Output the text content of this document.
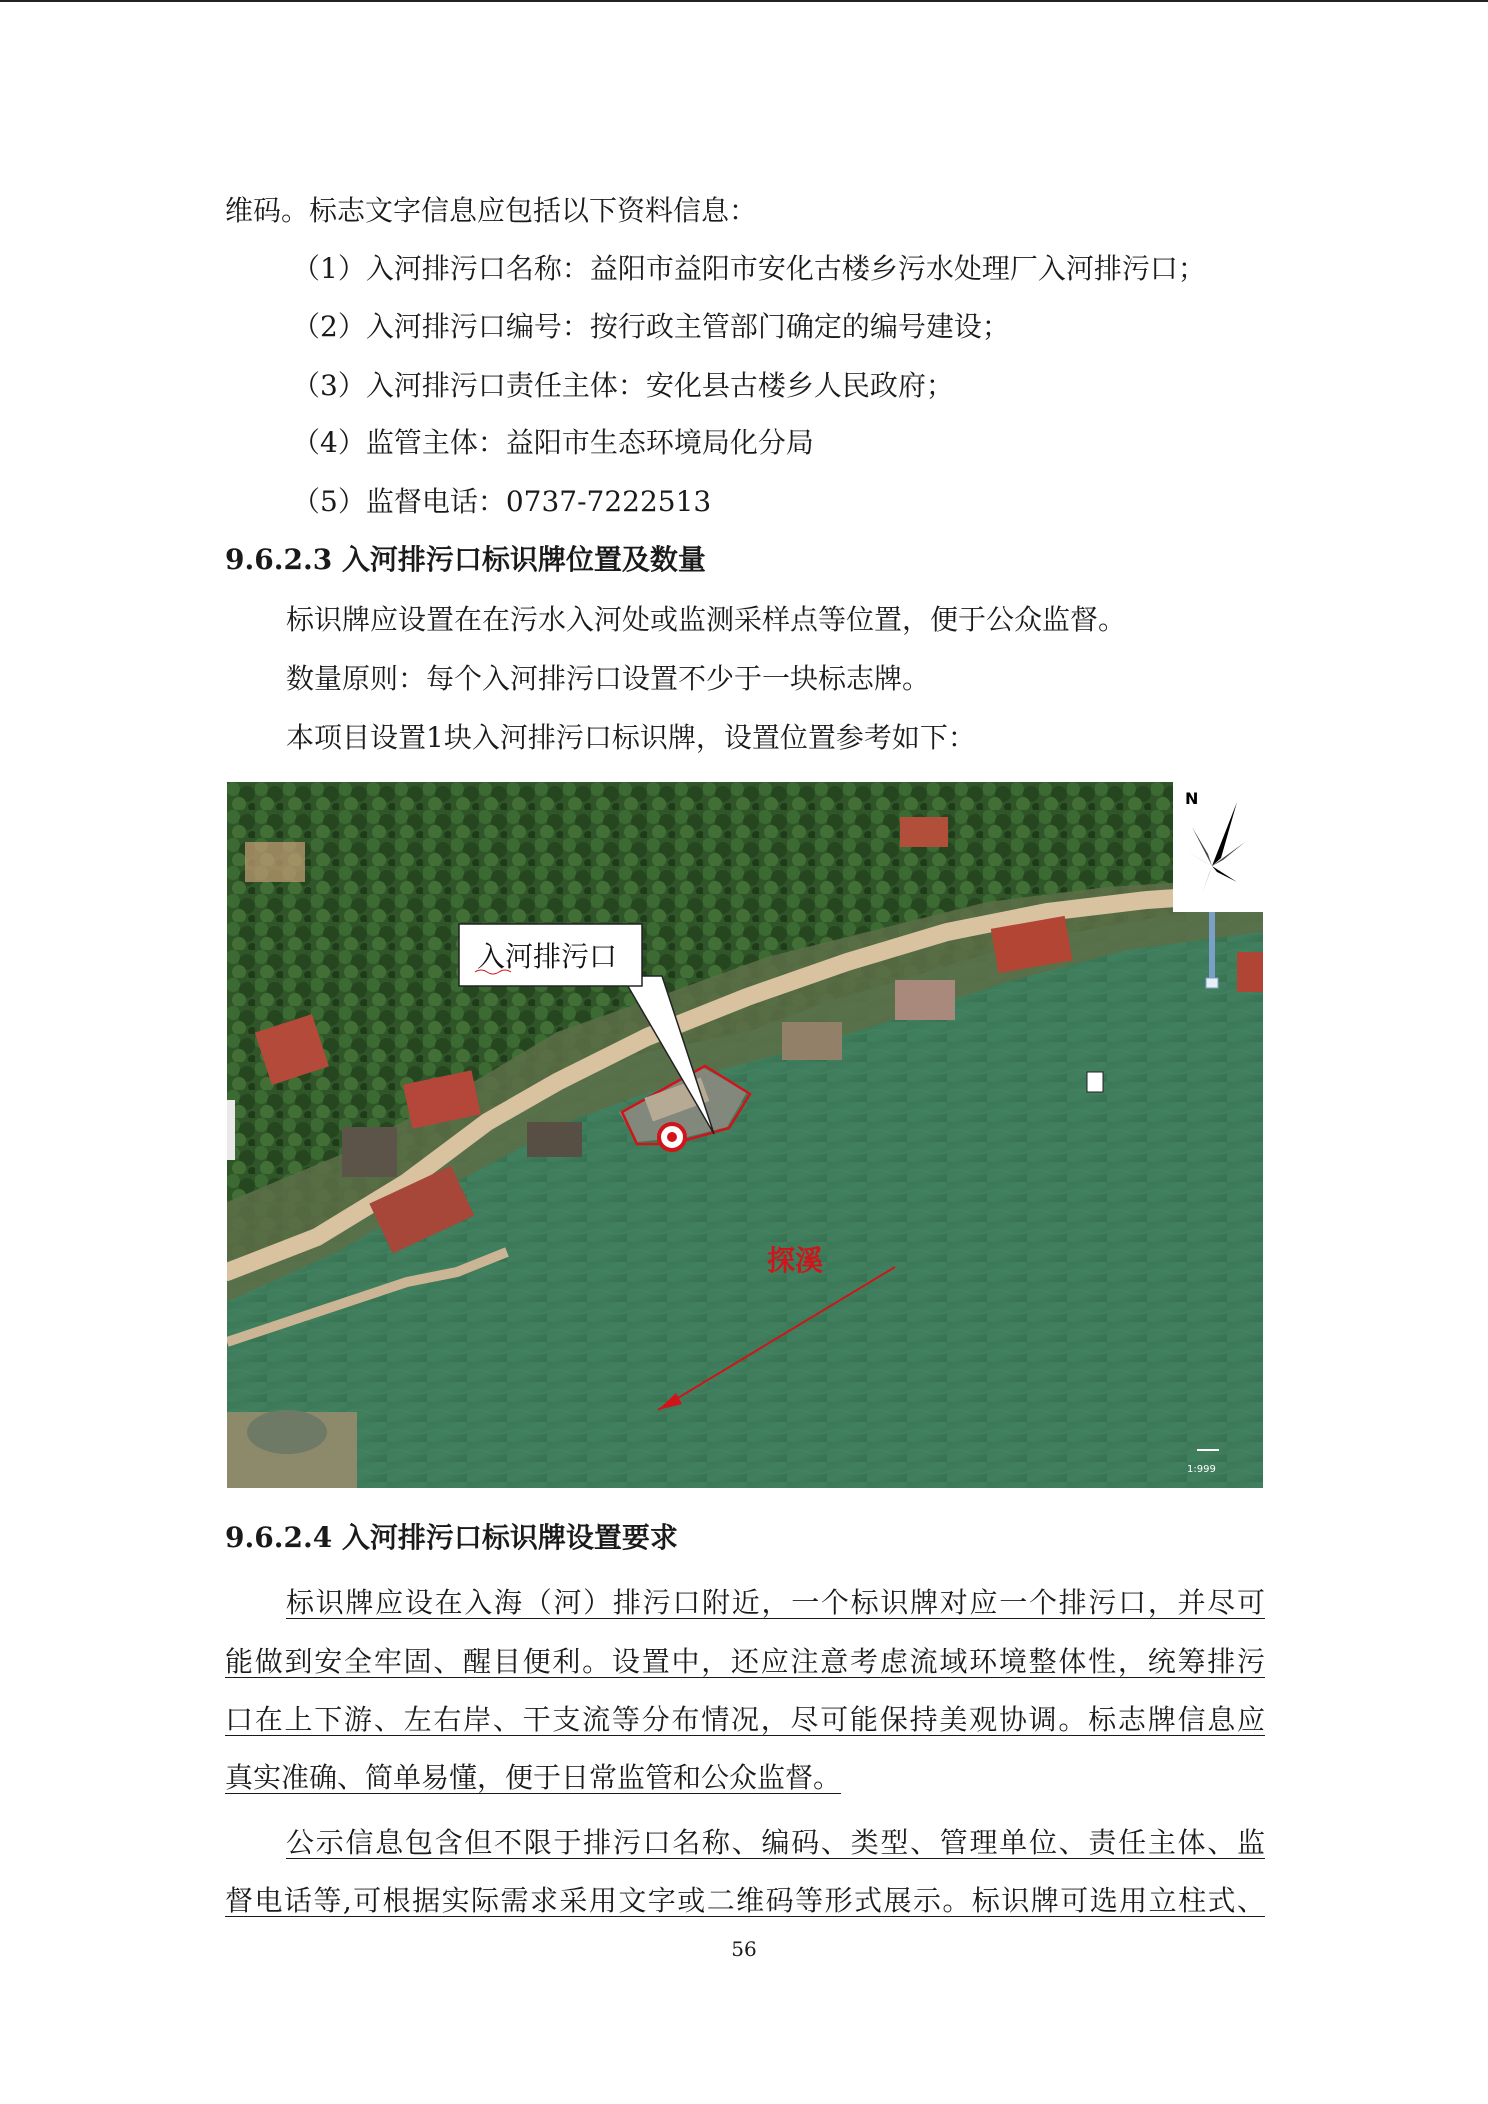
维码。标志文字信息应包括以下资料信息：

（1）入河排污口名称：益阳市益阳市安化古楼乡污水处理厂入河排污口；

（2）入河排污口编号：按行政主管部门确定的编号建设；

（3）入河排污口责任主体：安化县古楼乡人民政府；

（4）监管主体：益阳市生态环境局化分局

（5）监督电话：0737-7222513

9.6.2.3 入河排污口标识牌位置及数量

标识牌应设置在在污水入河处或监测采样点等位置，便于公众监督。

数量原则：每个入河排污口设置不少于一块标志牌。

本项目设置1块入河排污口标识牌，设置位置参考如下：

探溪
入河排污口
N
1:999
9.6.2.4 入河排污口标识牌设置要求
标识牌应设在入海（河）排污口附近，一个标识牌对应一个排污口，并尽可
能做到安全牢固、醒目便利。设置中，还应注意考虑流域环境整体性，统筹排污
口在上下游、左右岸、干支流等分布情况，尽可能保持美观协调。标志牌信息应

真实准确、简单易懂，便于日常监管和公众监督。

公示信息包含但不限于排污口名称、编码、类型、管理单位、责任主体、监
督电话等,可根据实际需求采用文字或二维码等形式展示。标识牌可选用立柱式、
56
